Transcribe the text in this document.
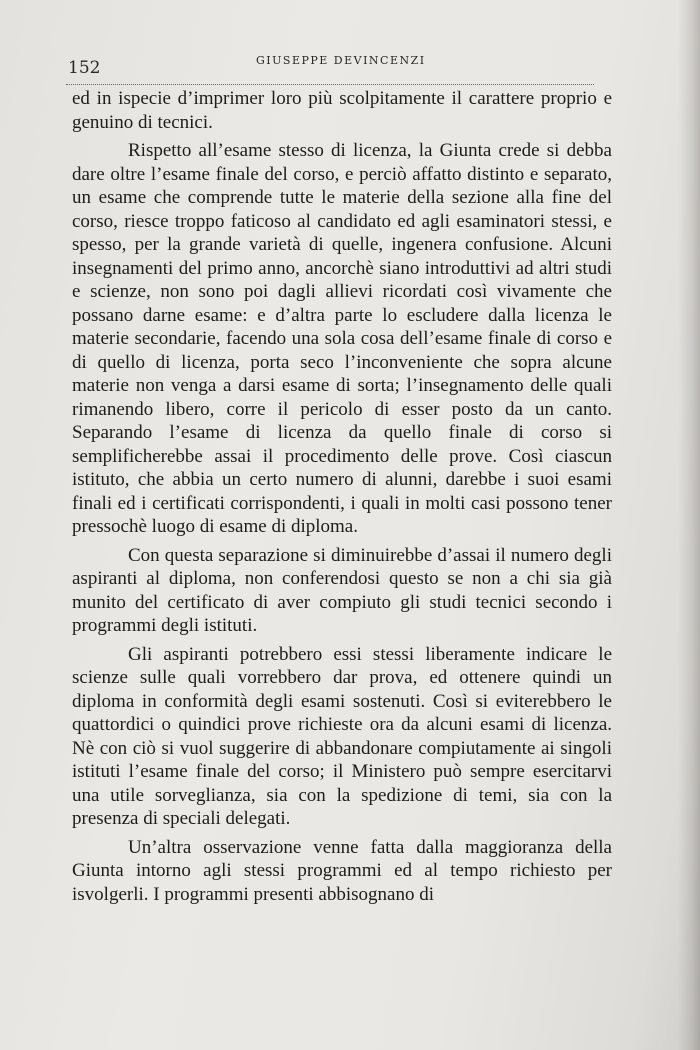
152	GIUSEPPE DEVINCENZI

ed in ispecie d’imprimer loro più scolpitamente il carattere proprio e genuino di tecnici.

Rispetto all’esame stesso di licenza, la Giunta crede si debba dare oltre l’esame finale del corso, e perciò affatto distinto e separato, un esame che comprende tutte le materie della sezione alla fine del corso, riesce troppo faticoso al candidato ed agli esaminatori stessi, e spesso, per la grande varietà di quelle, ingenera confusione. Alcuni insegnamenti del primo anno, ancorchè siano introduttivi ad altri studi e scienze, non sono poi dagli allievi ricordati così vivamente che possano darne esame: e d’altra parte lo escludere dalla licenza le materie secondarie, facendo una sola cosa dell’esame finale di corso e di quello di licenza, porta seco l’inconveniente che sopra alcune materie non venga a darsi esame di sorta; l’insegnamento delle quali rimanendo libero, corre il pericolo di esser posto da un canto. Separando l’esame di licenza da quello finale di corso si semplificherebbe assai il procedimento delle prove. Così ciascun istituto, che abbia un certo numero di alunni, darebbe i suoi esami finali ed i certificati corrispondenti, i quali in molti casi possono tener pressochè luogo di esame di diploma.

Con questa separazione si diminuirebbe d’assai il numero degli aspiranti al diploma, non conferendosi questo se non a chi sia già munito del certificato di aver compiuto gli studi tecnici secondo i programmi degli istituti.

Gli aspiranti potrebbero essi stessi liberamente indicare le scienze sulle quali vorrebbero dar prova, ed ottenere quindi un diploma in conformità degli esami sostenuti. Così si eviterebbero le quattordici o quindici prove richieste ora da alcuni esami di licenza. Nè con ciò si vuol suggerire di abbandonare compiutamente ai singoli istituti l’esame finale del corso; il Ministero può sempre esercitarvi una utile sorveglianza, sia con la spedizione di temi, sia con la presenza di speciali delegati.

Un’altra osservazione venne fatta dalla maggioranza della Giunta intorno agli stessi programmi ed al tempo richiesto per isvolgerli. I programmi presenti abbisognano di
